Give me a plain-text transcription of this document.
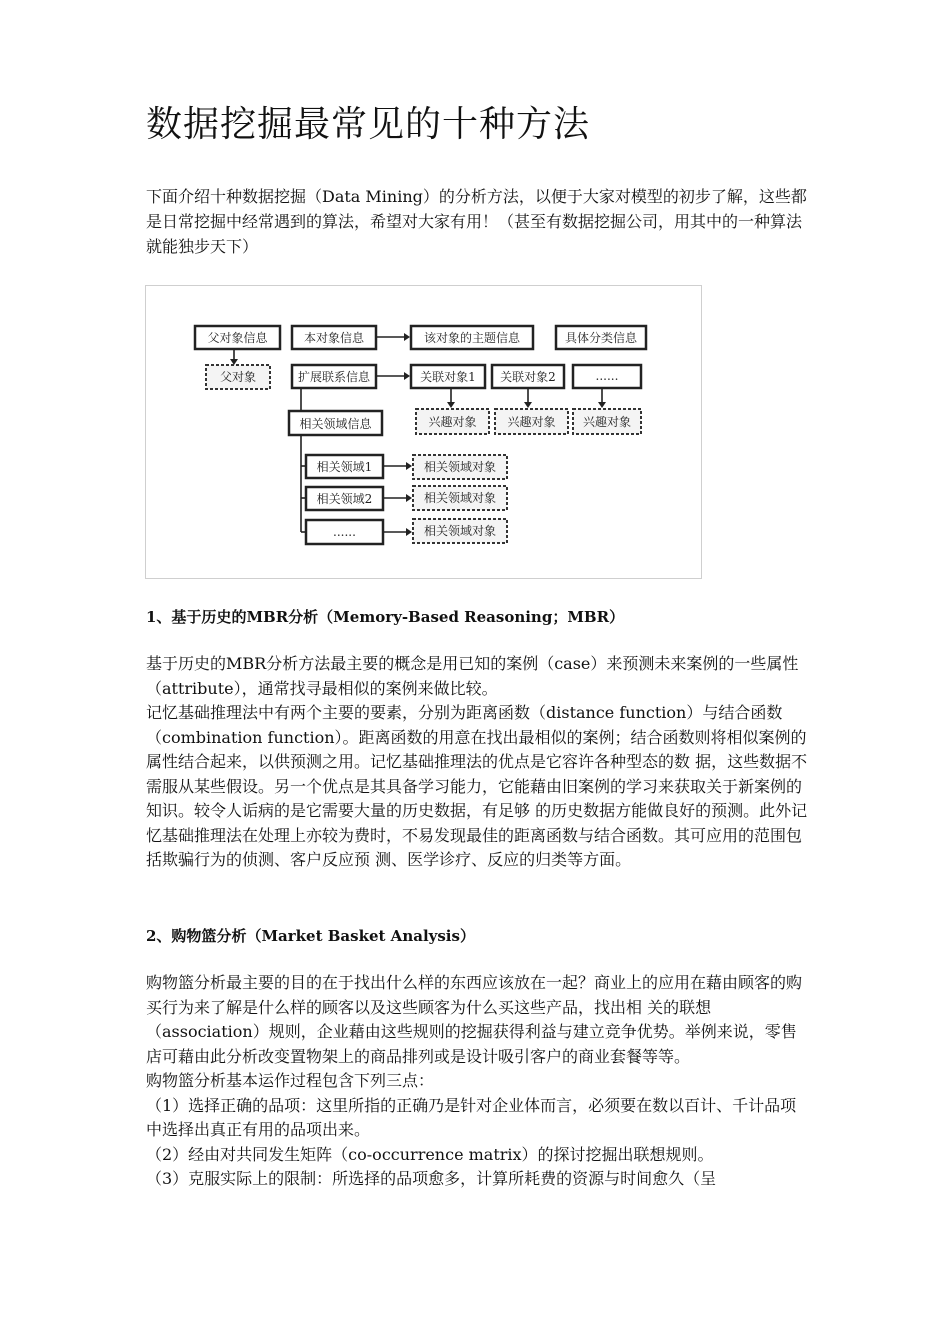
数据挖掘最常见的十种方法

下面介绍十种数据挖掘（Data Mining）的分析方法，以便于大家对模型的初步了解，这些都是日常挖掘中经常遇到的算法，希望对大家有用！（甚至有数据挖掘公司，用其中的一种算法就能独步天下）

父对象信息	本对象信息	该对象的主题信息	具体分类信息
父对象	扩展联系信息	关联对象1 关联对象2	......
兴趣对象	兴趣对象 兴趣对象
相关领域信息
相关领域1
相关领域2
......
相关领域对象
相关领域对象
相关领域对象
1、基于历史的MBR分析（Memory-Based Reasoning；MBR）

基于历史的MBR分析方法最主要的概念是用已知的案例（case）来预测未来案例的一些属性（attribute），通常找寻最相似的案例来做比较。

记忆基础推理法中有两个主要的要素，分别为距离函数（distance function）与结合函数（combination function）。距离函数的用意在找出最相似的案例；结合函数则将相似案例的属性结合起来，以供预测之用。记忆基础推理法的优点是它容许各种型态的数 据，这些数据不需服从某些假设。另一个优点是其具备学习能力，它能藉由旧案例的学习来获取关于新案例的知识。较令人诟病的是它需要大量的历史数据，有足够 的历史数据方能做良好的预测。此外记忆基础推理法在处理上亦较为费时，不易发现最佳的距离函数与结合函数。其可应用的范围包括欺骗行为的侦测、客户反应预 测、医学诊疗、反应的归类等方面。

2、购物篮分析（Market Basket Analysis）

购物篮分析最主要的目的在于找出什么样的东西应该放在一起？商业上的应用在藉由顾客的购买行为来了解是什么样的顾客以及这些顾客为什么买这些产品，找出相 关的联想（association）规则，企业藉由这些规则的挖掘获得利益与建立竞争优势。举例来说，零售店可藉由此分析改变置物架上的商品排列或是设计吸引客户的商业套餐等等。

购物篮分析基本运作过程包含下列三点：

（1）选择正确的品项：这里所指的正确乃是针对企业体而言，必须要在数以百计、千计品项中选择出真正有用的品项出来。

（2）经由对共同发生矩阵（co-occurrence matrix）的探讨挖掘出联想规则。

（3）克服实际上的限制：所选择的品项愈多，计算所耗费的资源与时间愈久（呈
